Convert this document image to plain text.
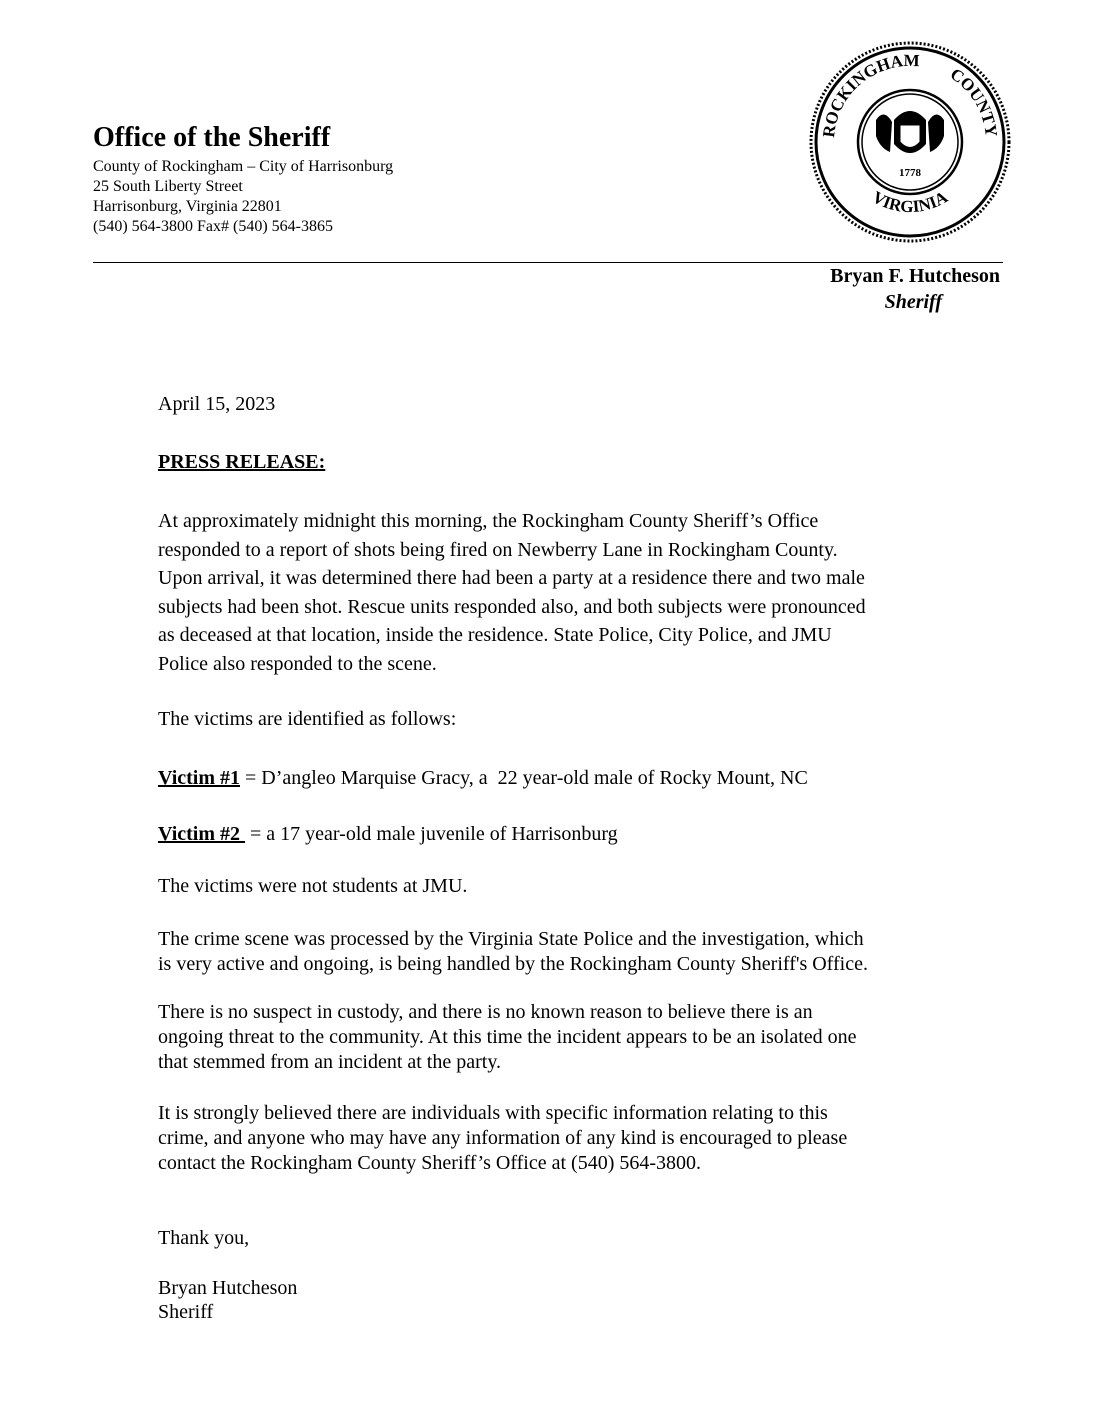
Office of the Sheriff
County of Rockingham – City of Harrisonburg
25 South Liberty Street
Harrisonburg, Virginia 22801
(540) 564-3800 Fax# (540) 564-3865
ROCKINGHAM
COUNTY
VIRGINIA
1778
Bryan F. Hutcheson
Sheriff
April 15, 2023
PRESS RELEASE:
At approximately midnight this morning, the Rockingham County Sheriff’s Office
responded to a report of shots being fired on Newberry Lane in Rockingham County.
Upon arrival, it was determined there had been a party at a residence there and two male
subjects had been shot. Rescue units responded also, and both subjects were pronounced
as deceased at that location, inside the residence. State Police, City Police, and JMU
Police also responded to the scene.
The victims are identified as follows:
Victim #1 = D’angleo Marquise Gracy, a  22 year-old male of Rocky Mount, NC
Victim #2  = a 17 year-old male juvenile of Harrisonburg
The victims were not students at JMU.
The crime scene was processed by the Virginia State Police and the investigation, which
is very active and ongoing, is being handled by the Rockingham County Sheriff's Office.
There is no suspect in custody, and there is no known reason to believe there is an
ongoing threat to the community. At this time the incident appears to be an isolated one
that stemmed from an incident at the party.
It is strongly believed there are individuals with specific information relating to this
crime, and anyone who may have any information of any kind is encouraged to please
contact the Rockingham County Sheriff’s Office at (540) 564-3800.
Thank you,
Bryan Hutcheson
Sheriff
